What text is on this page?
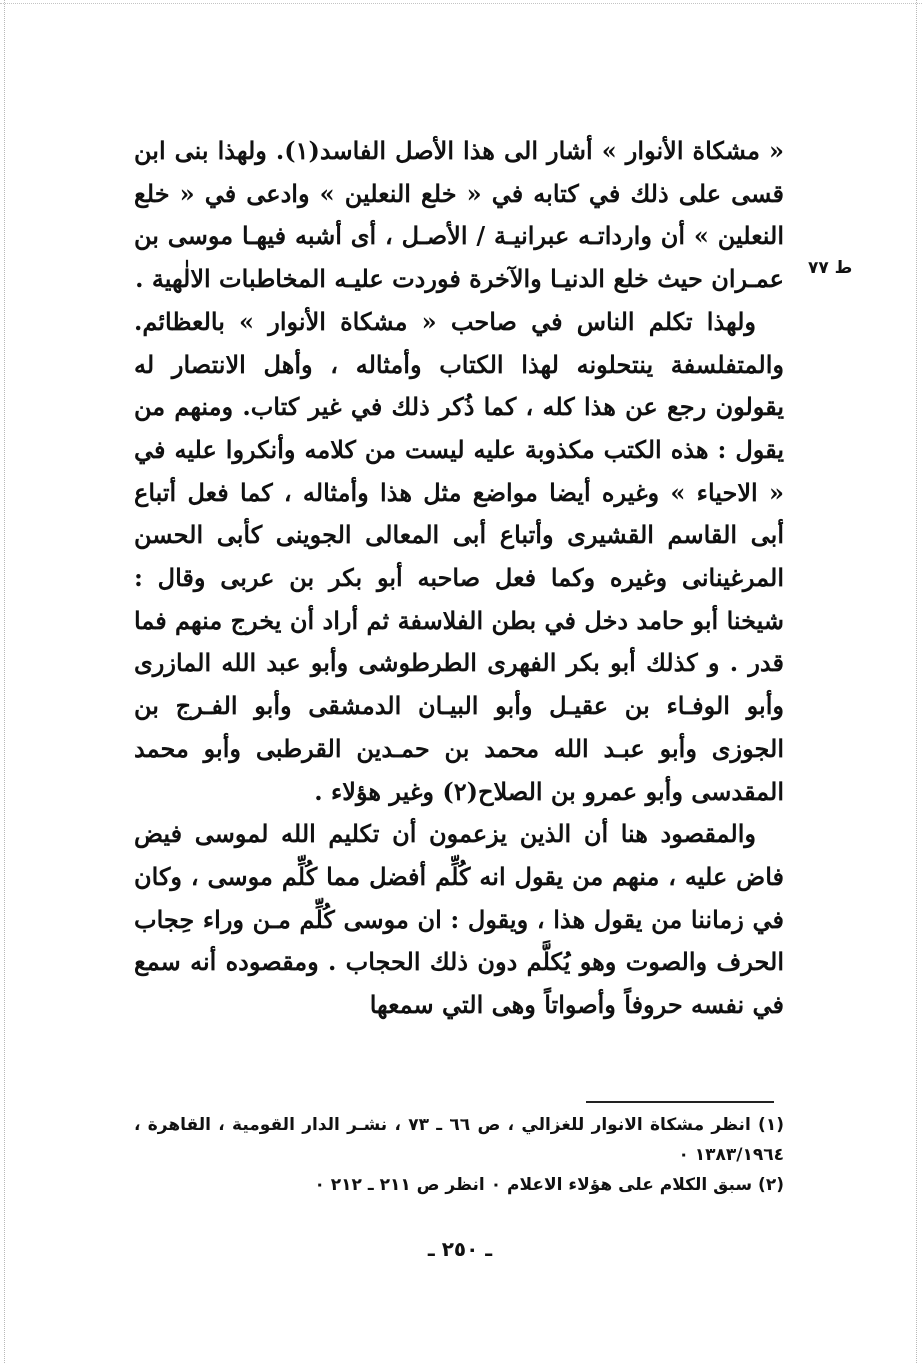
ط ٧٧

« مشكاة الأنوار » أشار الى هذا الأصل الفاسد(١). ولهذا بنى ابن قسى على ذلك في كتابه في « خلع النعلين » وادعى في « خلع النعلين » أن وارداتـه عبرانيـة / الأصـل ، أى أشبه فيهـا موسى بن عمـران حيث خلع الدنيـا والآخرة فوردت عليـه المخاطبات الالٰهية .

ولهذا تكلم الناس في صاحب « مشكاة الأنوار » بالعظائم. والمتفلسفة ينتحلونه لهذا الكتاب وأمثاله ، وأهل الانتصار له يقولون رجع عن هذا كله ، كما ذُكر ذلك في غير كتاب. ومنهم من يقول : هذه الكتب مكذوبة عليه ليست من كلامه وأنكروا عليه في « الاحياء » وغيره أيضا مواضع مثل هذا وأمثاله ، كما فعل أتباع أبى القاسم القشيرى وأتباع أبى المعالى الجوينى كأبى الحسن المرغينانى وغيره وكما فعل صاحبه أبو بكر بن عربى وقال : شيخنا أبو حامد دخل في بطن الفلاسفة ثم أراد أن يخرج منهم فما قدر . و كذلك أبو بكر الفهرى الطرطوشى وأبو عبد الله المازرى وأبو الوفـاء بن عقيـل وأبو البيـان الدمشقى وأبو الفـرج بن الجوزى وأبو عبـد الله محمد بن حمـدين القرطبى وأبو محمد المقدسى وأبو عمرو بن الصلاح(٢) وغير هؤلاء .

والمقصود هنا أن الذين يزعمون أن تكليم الله لموسى فيض فاض عليه ، منهم من يقول انه كُلِّم أفضل مما كُلِّم موسى ، وكان في زماننا من يقول هذا ، ويقول : ان موسى كُلِّم مـن وراء حِجاب الحرف والصوت وهو يُكلَّم دون ذلك الحجاب . ومقصوده أنه سمع في نفسه حروفاً وأصواتاً وهى التي سمعها

(١) انظر مشكاة الانوار للغزالي ، ص ٦٦ ـ ٧٣ ، نشـر الدار القومية ، القاهرة ، ١٣٨٣/١٩٦٤ ٠

(٢) سبق الكلام على هؤلاء الاعلام ٠ انظر ص ٢١١ ـ ٢١٢ ٠

ـ ٢٥٠ ـ
